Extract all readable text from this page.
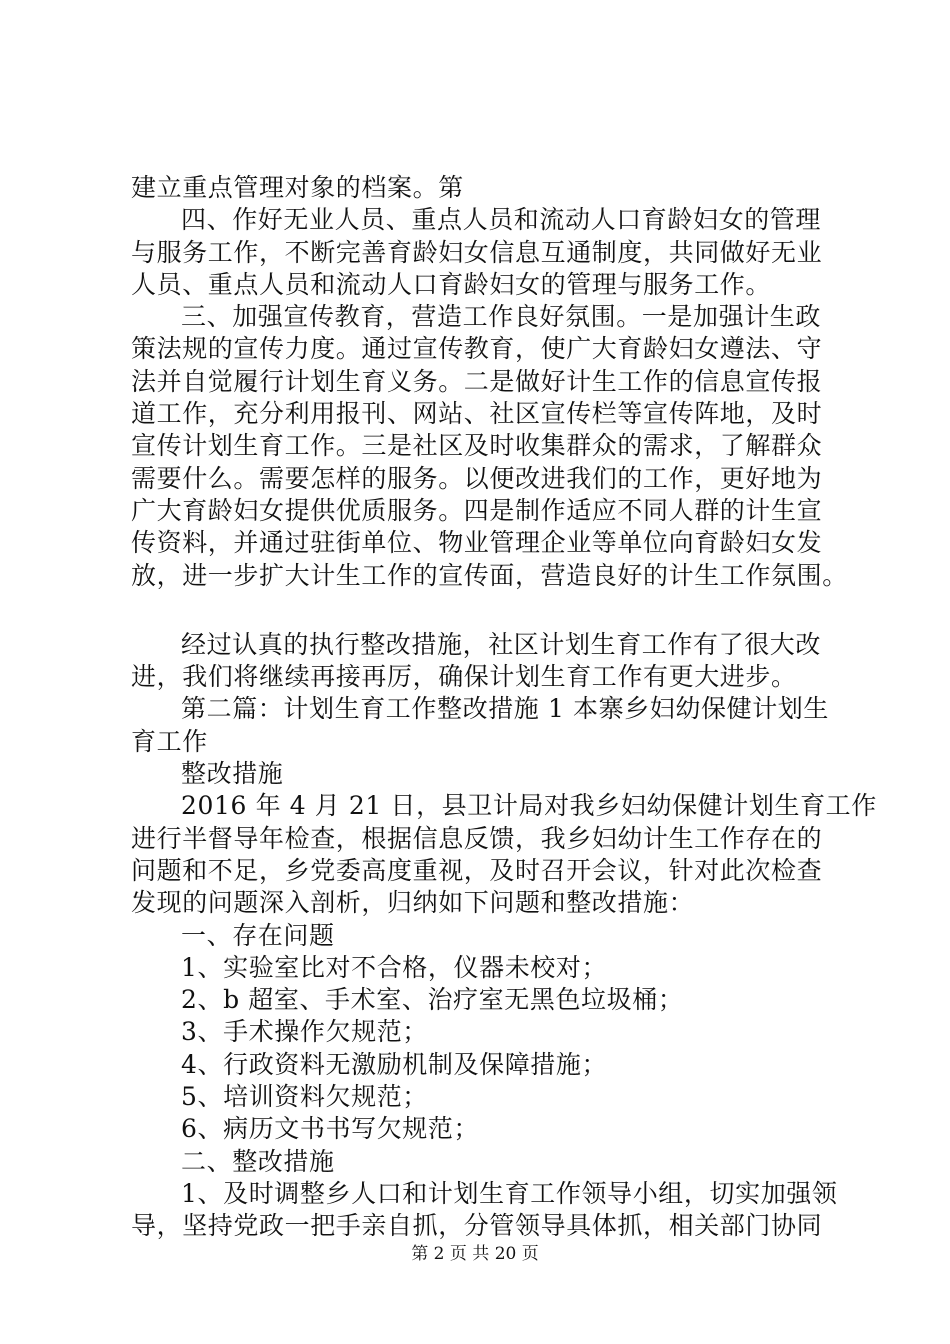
建立重点管理对象的档案。第
四、作好无业人员、重点人员和流动人口育龄妇女的管理
与服务工作，不断完善育龄妇女信息互通制度，共同做好无业
人员、重点人员和流动人口育龄妇女的管理与服务工作。
三、加强宣传教育，营造工作良好氛围。一是加强计生政
策法规的宣传力度。通过宣传教育，使广大育龄妇女遵法、守
法并自觉履行计划生育义务。二是做好计生工作的信息宣传报
道工作，充分利用报刊、网站、社区宣传栏等宣传阵地，及时
宣传计划生育工作。三是社区及时收集群众的需求，了解群众
需要什么。需要怎样的服务。以便改进我们的工作，更好地为
广大育龄妇女提供优质服务。四是制作适应不同人群的计生宣
传资料，并通过驻街单位、物业管理企业等单位向育龄妇女发
放，进一步扩大计生工作的宣传面，营造良好的计生工作氛围。
经过认真的执行整改措施，社区计划生育工作有了很大改
进，我们将继续再接再厉，确保计划生育工作有更大进步。
第二篇：计划生育工作整改措施 1 本寨乡妇幼保健计划生
育工作
整改措施
2016 年 4 月 21 日，县卫计局对我乡妇幼保健计划生育工作
进行半督导年检查，根据信息反馈，我乡妇幼计生工作存在的
问题和不足，乡党委高度重视，及时召开会议，针对此次检查
发现的问题深入剖析，归纳如下问题和整改措施：
一、存在问题
1、实验室比对不合格，仪器未校对；
2、b 超室、手术室、治疗室无黑色垃圾桶；
3、手术操作欠规范；
4、行政资料无激励机制及保障措施；
5、培训资料欠规范；
6、病历文书书写欠规范；
二、整改措施
1、及时调整乡人口和计划生育工作领导小组，切实加强领
导，坚持党政一把手亲自抓，分管领导具体抓，相关部门协同
第 2 页 共 20 页
